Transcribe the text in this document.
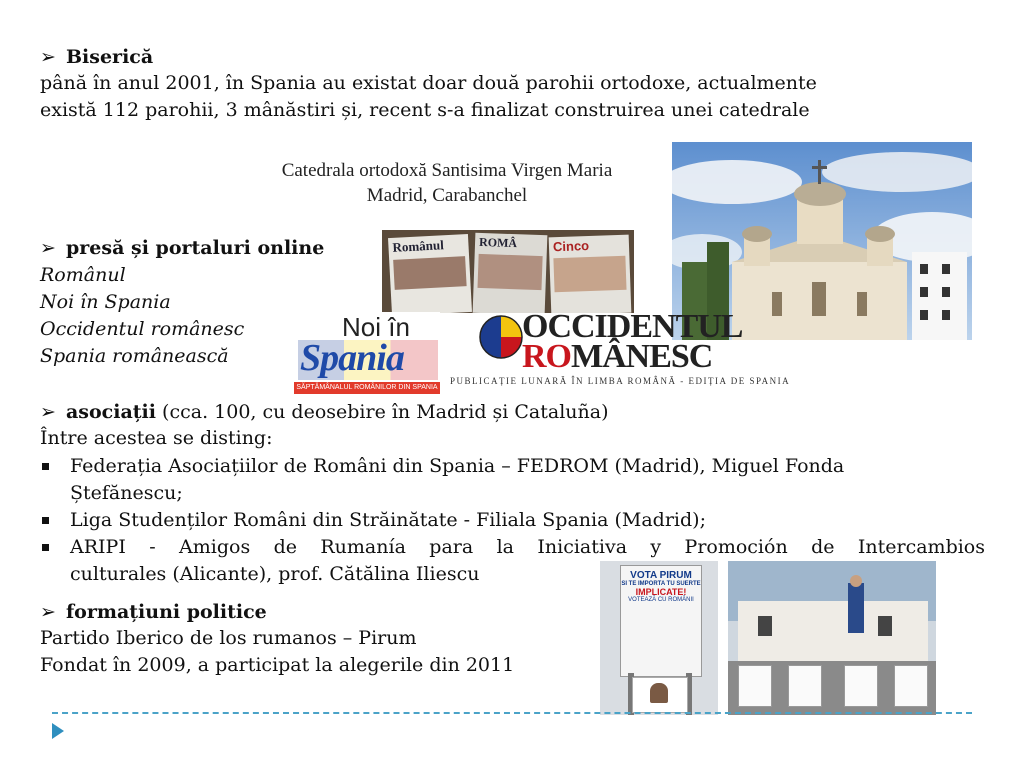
➢ Biserică
până în anul 2001, în Spania au existat doar două parohii ortodoxe, actualmente
există 112 parohii, 3 mânăstiri și, recent s-a finalizat construirea unei catedrale
Catedrala ortodoxă Santisima Virgen Maria
Madrid, Carabanchel
➢ presă și portaluri online
Românul
Noi în Spania
Occidentul românesc
Spania românească
Românul	ROMÂ	Cinco
Noi în
Spania
SĂPTĂMÂNALUL ROMÂNILOR DIN SPANIA
OCCIDENTUL
ROMÂNESC
PUBLICAȚIE LUNARĂ ÎN LIMBA ROMÂNĂ - EDIȚIA DE SPANIA
➢ asociații (cca. 100, cu deosebire în Madrid și Cataluña)
Între acestea se disting:
Federația Asociațiilor de Români din Spania – FEDROM (Madrid), Miguel Fonda
Ștefănescu;
Liga Studenților Români din Străinătate - Filiala Spania (Madrid);
ARIPI - Amigos de Rumanía para la Iniciativa y Promoción de Intercambios
culturales (Alicante), prof. Cătălina Iliescu
➢ formațiuni politice
Partido Iberico de los rumanos – Pirum
Fondat în 2009, a participat la alegerile din 2011
VOTA PIRUM
SI TE IMPORTA TU SUERTE
IMPLICATE!
VOTEAZĂ CU ROMÂNII
